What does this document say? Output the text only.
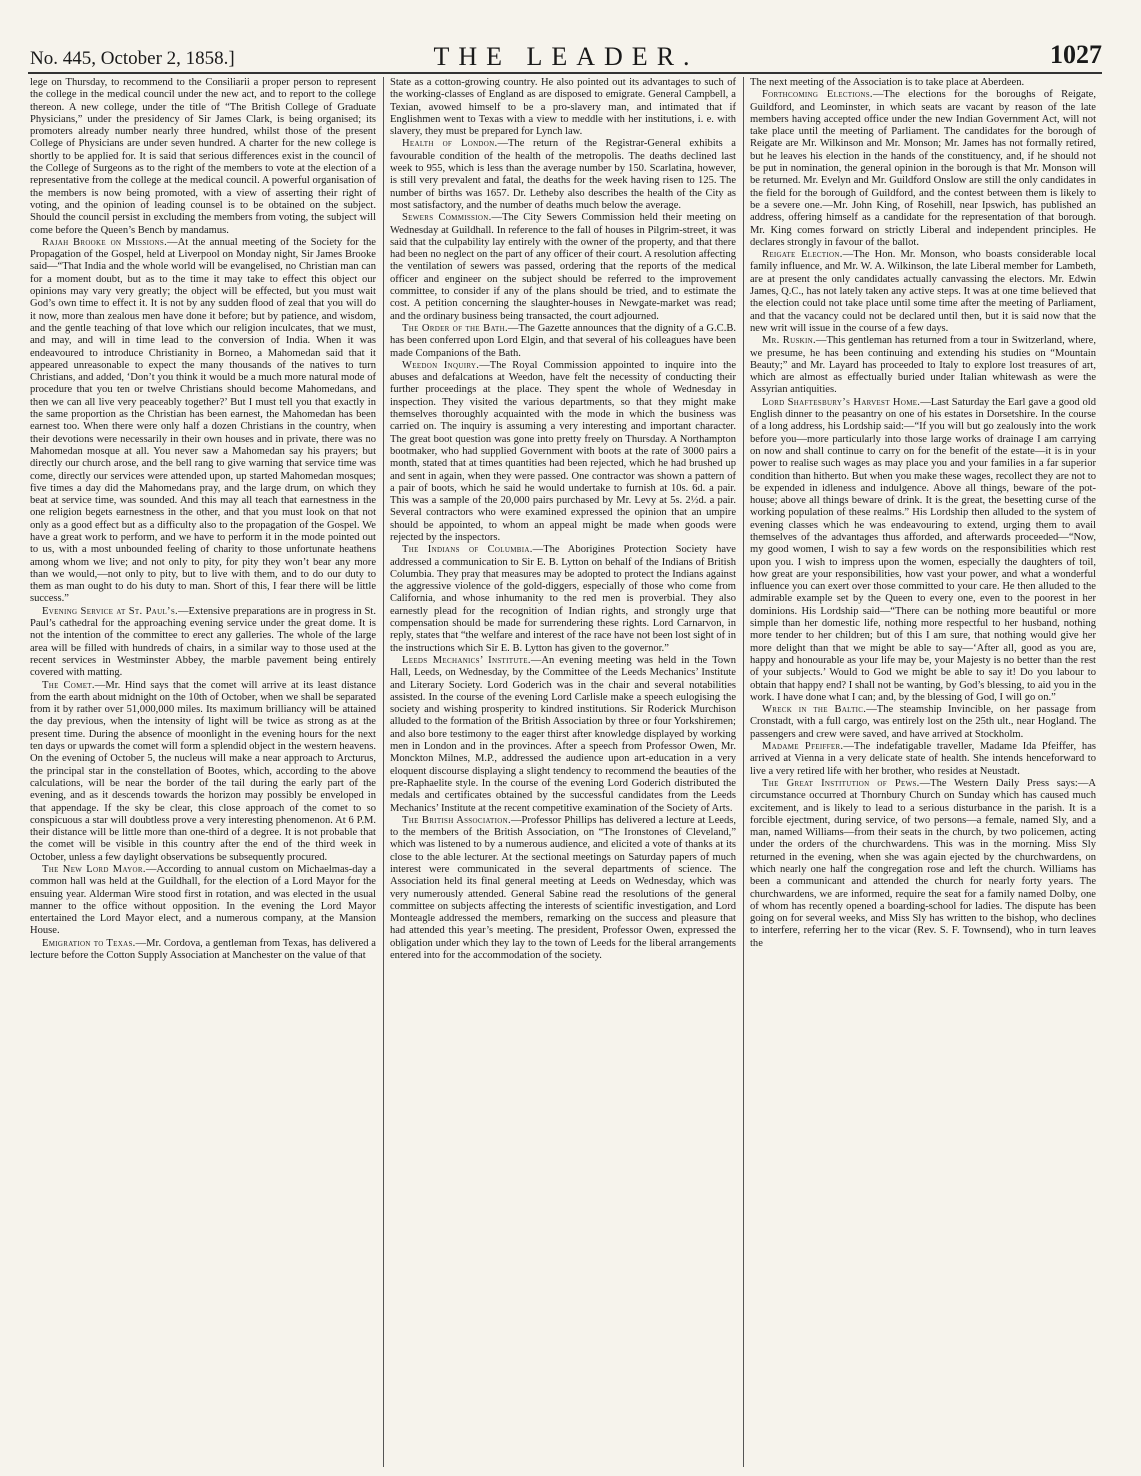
No. 445, October 2, 1858.]	THE LEADER.	1027

lege on Thursday, to recommend to the Consiliarii a proper person to represent the college in the medical council under the new act, and to report to the college thereon. A new college, under the title of “The British College of Graduate Physicians,” under the presidency of Sir James Clark, is being organised; its promoters already number nearly three hundred, whilst those of the present College of Physicians are under seven hundred. A charter for the new college is shortly to be applied for. It is said that serious differences exist in the council of the College of Surgeons as to the right of the members to vote at the election of a representative from the college at the medical council. A powerful organisation of the members is now being promoted, with a view of asserting their right of voting, and the opinion of leading counsel is to be obtained on the subject. Should the council persist in excluding the members from voting, the subject will come before the Queen’s Bench by mandamus.

Rajah Brooke on Missions.—At the annual meeting of the Society for the Propagation of the Gospel, held at Liverpool on Monday night, Sir James Brooke said—“That India and the whole world will be evangelised, no Christian man can for a moment doubt, but as to the time it may take to effect this object our opinions may vary very greatly; the object will be effected, but you must wait God’s own time to effect it. It is not by any sudden flood of zeal that you will do it now, more than zealous men have done it before; but by patience, and wisdom, and the gentle teaching of that love which our religion inculcates, that we must, and may, and will in time lead to the conversion of India. When it was endeavoured to introduce Christianity in Borneo, a Mahomedan said that it appeared unreasonable to expect the many thousands of the natives to turn Christians, and added, ‘Don’t you think it would be a much more natural mode of procedure that you ten or twelve Christians should become Mahomedans, and then we can all live very peaceably together?’ But I must tell you that exactly in the same proportion as the Christian has been earnest, the Mahomedan has been earnest too. When there were only half a dozen Christians in the country, when their devotions were necessarily in their own houses and in private, there was no Mahomedan mosque at all. You never saw a Mahomedan say his prayers; but directly our church arose, and the bell rang to give warning that service time was come, directly our services were attended upon, up started Mahomedan mosques; five times a day did the Mahomedans pray, and the large drum, on which they beat at service time, was sounded. And this may all teach that earnestness in the one religion begets earnestness in the other, and that you must look on that not only as a good effect but as a difficulty also to the propagation of the Gospel. We have a great work to perform, and we have to perform it in the mode pointed out to us, with a most unbounded feeling of charity to those unfortunate heathens among whom we live; and not only to pity, for pity they won’t bear any more than we would,—not only to pity, but to live with them, and to do our duty to them as man ought to do his duty to man. Short of this, I fear there will be little success.”

Evening Service at St. Paul’s.—Extensive preparations are in progress in St. Paul’s cathedral for the approaching evening service under the great dome. It is not the intention of the committee to erect any galleries. The whole of the large area will be filled with hundreds of chairs, in a similar way to those used at the recent services in Westminster Abbey, the marble pavement being entirely covered with matting.

The Comet.—Mr. Hind says that the comet will arrive at its least distance from the earth about midnight on the 10th of October, when we shall be separated from it by rather over 51,000,000 miles. Its maximum brilliancy will be attained the day previous, when the intensity of light will be twice as strong as at the present time. During the absence of moonlight in the evening hours for the next ten days or upwards the comet will form a splendid object in the western heavens. On the evening of October 5, the nucleus will make a near approach to Arcturus, the principal star in the constellation of Bootes, which, according to the above calculations, will be near the border of the tail during the early part of the evening, and as it descends towards the horizon may possibly be enveloped in that appendage. If the sky be clear, this close approach of the comet to so conspicuous a star will doubtless prove a very interesting phenomenon. At 6 P.M. their distance will be little more than one-third of a degree. It is not probable that the comet will be visible in this country after the end of the third week in October, unless a few daylight observations be subsequently procured.

The New Lord Mayor.—According to annual custom on Michaelmas-day a common hall was held at the Guildhall, for the election of a Lord Mayor for the ensuing year. Alderman Wire stood first in rotation, and was elected in the usual manner to the office without opposition. In the evening the Lord Mayor entertained the Lord Mayor elect, and a numerous company, at the Mansion House.

Emigration to Texas.—Mr. Cordova, a gentleman from Texas, has delivered a lecture before the Cotton Supply Association at Manchester on the value of that

State as a cotton-growing country. He also pointed out its advantages to such of the working-classes of England as are disposed to emigrate. General Campbell, a Texian, avowed himself to be a pro-slavery man, and intimated that if Englishmen went to Texas with a view to meddle with her institutions, i. e. with slavery, they must be prepared for Lynch law.

Health of London.—The return of the Registrar-General exhibits a favourable condition of the health of the metropolis. The deaths declined last week to 955, which is less than the average number by 150. Scarlatina, however, is still very prevalent and fatal, the deaths for the week having risen to 125. The number of births was 1657. Dr. Letheby also describes the health of the City as most satisfactory, and the number of deaths much below the average.

Sewers Commission.—The City Sewers Commission held their meeting on Wednesday at Guildhall. In reference to the fall of houses in Pilgrim-street, it was said that the culpability lay entirely with the owner of the property, and that there had been no neglect on the part of any officer of their court. A resolution affecting the ventilation of sewers was passed, ordering that the reports of the medical officer and engineer on the subject should be referred to the improvement committee, to consider if any of the plans should be tried, and to estimate the cost. A petition concerning the slaughter-houses in Newgate-market was read; and the ordinary business being transacted, the court adjourned.

The Order of the Bath.—The Gazette announces that the dignity of a G.C.B. has been conferred upon Lord Elgin, and that several of his colleagues have been made Companions of the Bath.

Weedon Inquiry.—The Royal Commission appointed to inquire into the abuses and defalcations at Weedon, have felt the necessity of conducting their further proceedings at the place. They spent the whole of Wednesday in inspection. They visited the various departments, so that they might make themselves thoroughly acquainted with the mode in which the business was carried on. The inquiry is assuming a very interesting and important character. The great boot question was gone into pretty freely on Thursday. A Northampton bootmaker, who had supplied Government with boots at the rate of 3000 pairs a month, stated that at times quantities had been rejected, which he had brushed up and sent in again, when they were passed. One contractor was shown a pattern of a pair of boots, which he said he would undertake to furnish at 10s. 6d. a pair. This was a sample of the 20,000 pairs purchased by Mr. Levy at 5s. 2½d. a pair. Several contractors who were examined expressed the opinion that an umpire should be appointed, to whom an appeal might be made when goods were rejected by the inspectors.

The Indians of Columbia.—The Aborigines Protection Society have addressed a communication to Sir E. B. Lytton on behalf of the Indians of British Columbia. They pray that measures may be adopted to protect the Indians against the aggressive violence of the gold-diggers, especially of those who come from California, and whose inhumanity to the red men is proverbial. They also earnestly plead for the recognition of Indian rights, and strongly urge that compensation should be made for surrendering these rights. Lord Carnarvon, in reply, states that “the welfare and interest of the race have not been lost sight of in the instructions which Sir E. B. Lytton has given to the governor.”

Leeds Mechanics’ Institute.—An evening meeting was held in the Town Hall, Leeds, on Wednesday, by the Committee of the Leeds Mechanics’ Institute and Literary Society. Lord Goderich was in the chair and several notabilities assisted. In the course of the evening Lord Carlisle make a speech eulogising the society and wishing prosperity to kindred institutions. Sir Roderick Murchison alluded to the formation of the British Association by three or four Yorkshiremen; and also bore testimony to the eager thirst after knowledge displayed by working men in London and in the provinces. After a speech from Professor Owen, Mr. Monckton Milnes, M.P., addressed the audience upon art-education in a very eloquent discourse displaying a slight tendency to recommend the beauties of the pre-Raphaelite style. In the course of the evening Lord Goderich distributed the medals and certificates obtained by the successful candidates from the Leeds Mechanics’ Institute at the recent competitive examination of the Society of Arts.

The British Association.—Professor Phillips has delivered a lecture at Leeds, to the members of the British Association, on “The Ironstones of Cleveland,” which was listened to by a numerous audience, and elicited a vote of thanks at its close to the able lecturer. At the sectional meetings on Saturday papers of much interest were communicated in the several departments of science. The Association held its final general meeting at Leeds on Wednesday, which was very numerously attended. General Sabine read the resolutions of the general committee on subjects affecting the interests of scientific investigation, and Lord Monteagle addressed the members, remarking on the success and pleasure that had attended this year’s meeting. The president, Professor Owen, expressed the obligation under which they lay to the town of Leeds for the liberal arrangements entered into for the accommodation of the society.

The next meeting of the Association is to take place at Aberdeen.

Forthcoming Elections.—The elections for the boroughs of Reigate, Guildford, and Leominster, in which seats are vacant by reason of the late members having accepted office under the new Indian Government Act, will not take place until the meeting of Parliament. The candidates for the borough of Reigate are Mr. Wilkinson and Mr. Monson; Mr. James has not formally retired, but he leaves his election in the hands of the constituency, and, if he should not be put in nomination, the general opinion in the borough is that Mr. Monson will be returned. Mr. Evelyn and Mr. Guildford Onslow are still the only candidates in the field for the borough of Guildford, and the contest between them is likely to be a severe one.—Mr. John King, of Rosehill, near Ipswich, has published an address, offering himself as a candidate for the representation of that borough. Mr. King comes forward on strictly Liberal and independent principles. He declares strongly in favour of the ballot.

Reigate Election.—The Hon. Mr. Monson, who boasts considerable local family influence, and Mr. W. A. Wilkinson, the late Liberal member for Lambeth, are at present the only candidates actually canvassing the electors. Mr. Edwin James, Q.C., has not lately taken any active steps. It was at one time believed that the election could not take place until some time after the meeting of Parliament, and that the vacancy could not be declared until then, but it is said now that the new writ will issue in the course of a few days.

Mr. Ruskin.—This gentleman has returned from a tour in Switzerland, where, we presume, he has been continuing and extending his studies on “Mountain Beauty;” and Mr. Layard has proceeded to Italy to explore lost treasures of art, which are almost as effectually buried under Italian whitewash as were the Assyrian antiquities.

Lord Shaftesbury’s Harvest Home.—Last Saturday the Earl gave a good old English dinner to the peasantry on one of his estates in Dorsetshire. In the course of a long address, his Lordship said:—“If you will but go zealously into the work before you—more particularly into those large works of drainage I am carrying on now and shall continue to carry on for the benefit of the estate—it is in your power to realise such wages as may place you and your families in a far superior condition than hitherto. But when you make these wages, recollect they are not to be expended in idleness and indulgence. Above all things, beware of the pot-house; above all things beware of drink. It is the great, the besetting curse of the working population of these realms.” His Lordship then alluded to the system of evening classes which he was endeavouring to extend, urging them to avail themselves of the advantages thus afforded, and afterwards proceeded—“Now, my good women, I wish to say a few words on the responsibilities which rest upon you. I wish to impress upon the women, especially the daughters of toil, how great are your responsibilities, how vast your power, and what a wonderful influence you can exert over those committed to your care. He then alluded to the admirable example set by the Queen to every one, even to the poorest in her dominions. His Lordship said—“There can be nothing more beautiful or more simple than her domestic life, nothing more respectful to her husband, nothing more tender to her children; but of this I am sure, that nothing would give her more delight than that we might be able to say—‘After all, good as you are, happy and honourable as your life may be, your Majesty is no better than the rest of your subjects.’ Would to God we might be able to say it! Do you labour to obtain that happy end? I shall not be wanting, by God’s blessing, to aid you in the work. I have done what I can; and, by the blessing of God, I will go on.”

Wreck in the Baltic.—The steamship Invincible, on her passage from Cronstadt, with a full cargo, was entirely lost on the 25th ult., near Hogland. The passengers and crew were saved, and have arrived at Stockholm.

Madame Pfeiffer.—The indefatigable traveller, Madame Ida Pfeiffer, has arrived at Vienna in a very delicate state of health. She intends henceforward to live a very retired life with her brother, who resides at Neustadt.

The Great Institution of Pews.—The Western Daily Press says:—A circumstance occurred at Thornbury Church on Sunday which has caused much excitement, and is likely to lead to a serious disturbance in the parish. It is a forcible ejectment, during service, of two persons—a female, named Sly, and a man, named Williams—from their seats in the church, by two policemen, acting under the orders of the churchwardens. This was in the morning. Miss Sly returned in the evening, when she was again ejected by the churchwardens, on which nearly one half the congregation rose and left the church. Williams has been a communicant and attended the church for nearly forty years. The churchwardens, we are informed, require the seat for a family named Dolby, one of whom has recently opened a boarding-school for ladies. The dispute has been going on for several weeks, and Miss Sly has written to the bishop, who declines to interfere, referring her to the vicar (Rev. S. F. Townsend), who in turn leaves the
